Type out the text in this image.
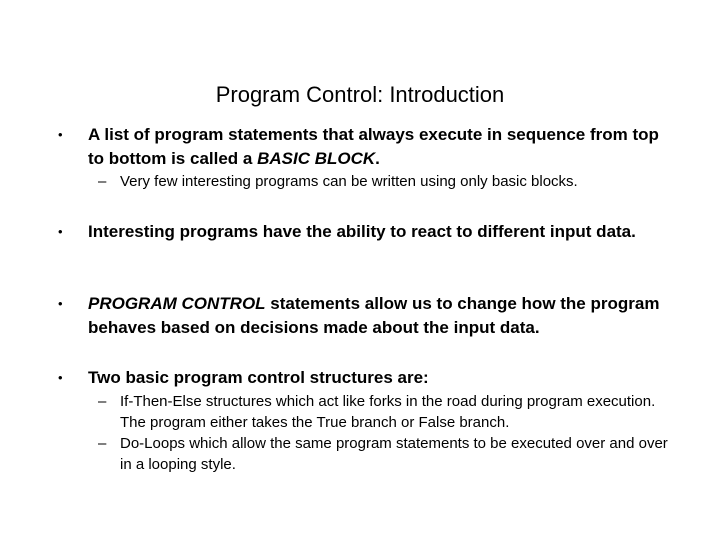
Program Control: Introduction
• A list of program statements that always execute in sequence from top to bottom is called a BASIC BLOCK.
– Very few interesting programs can be written using only basic blocks.
• Interesting programs have the ability to react to different input data.
• PROGRAM CONTROL statements allow us to change how the program behaves based on decisions made about the input data.
• Two basic program control structures are:
– If-Then-Else structures which act like forks in the road during program execution. The program either takes the True branch or False branch.
– Do-Loops which allow the same program statements to be executed over and over in a looping style.
